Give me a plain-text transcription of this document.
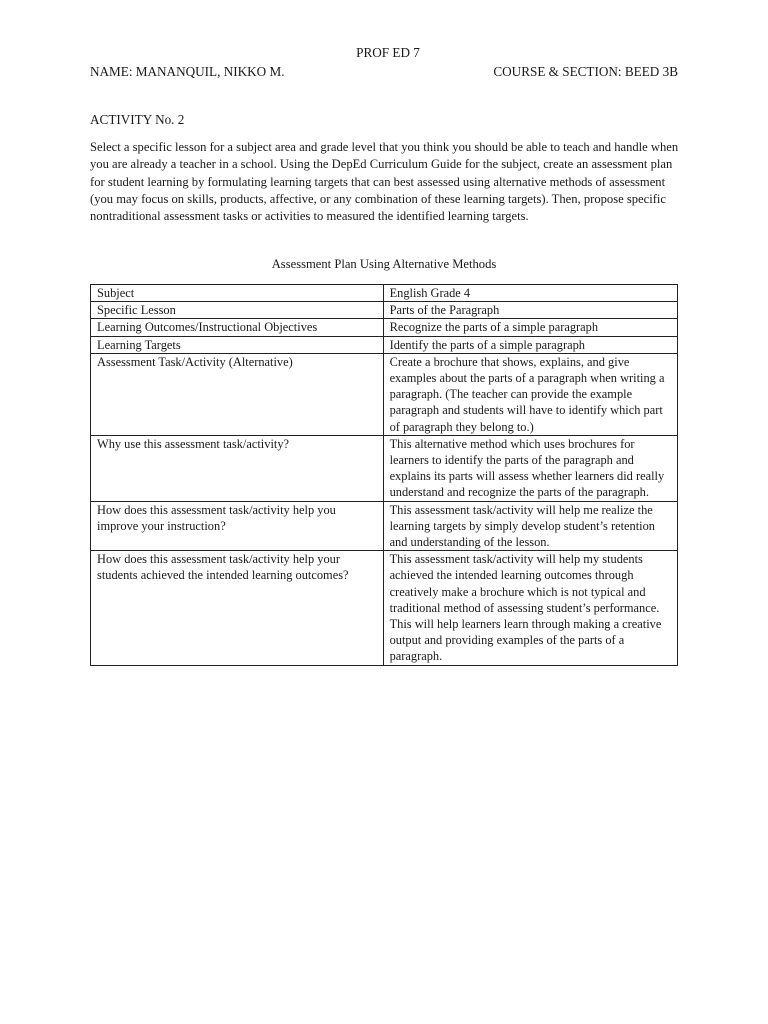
PROF ED 7
NAME: MANANQUIL, NIKKO M.	COURSE & SECTION: BEED 3B
ACTIVITY No. 2

Select a specific lesson for a subject area and grade level that you think you should be able to teach and handle when you are already a teacher in a school. Using the DepEd Curriculum Guide for the subject, create an assessment plan for student learning by formulating learning targets that can best assessed using alternative methods of assessment (you may focus on skills, products, affective, or any combination of these learning targets). Then, propose specific nontraditional assessment tasks or activities to measured the identified learning targets.

Assessment Plan Using Alternative Methods
Subject	English Grade 4
Specific Lesson	Parts of the Paragraph
Learning Outcomes/Instructional Objectives	Recognize the parts of a simple paragraph
Learning Targets	Identify the parts of a simple paragraph
Assessment Task/Activity (Alternative)	Create a brochure that shows, explains, and give examples about the parts of a paragraph when writing a paragraph. (The teacher can provide the example paragraph and students will have to identify which part of paragraph they belong to.)
Why use this assessment task/activity?	This alternative method which uses brochures for learners to identify the parts of the paragraph and explains its parts will assess whether learners did really understand and recognize the parts of the paragraph.
How does this assessment task/activity help you improve your instruction?	This assessment task/activity will help me realize the learning targets by simply develop student’s retention and understanding of the lesson.
How does this assessment task/activity help your students achieved the intended learning outcomes?	This assessment task/activity will help my students achieved the intended learning outcomes through creatively make a brochure which is not typical and traditional method of assessing student’s performance. This will help learners learn through making a creative output and providing examples of the parts of a paragraph.
